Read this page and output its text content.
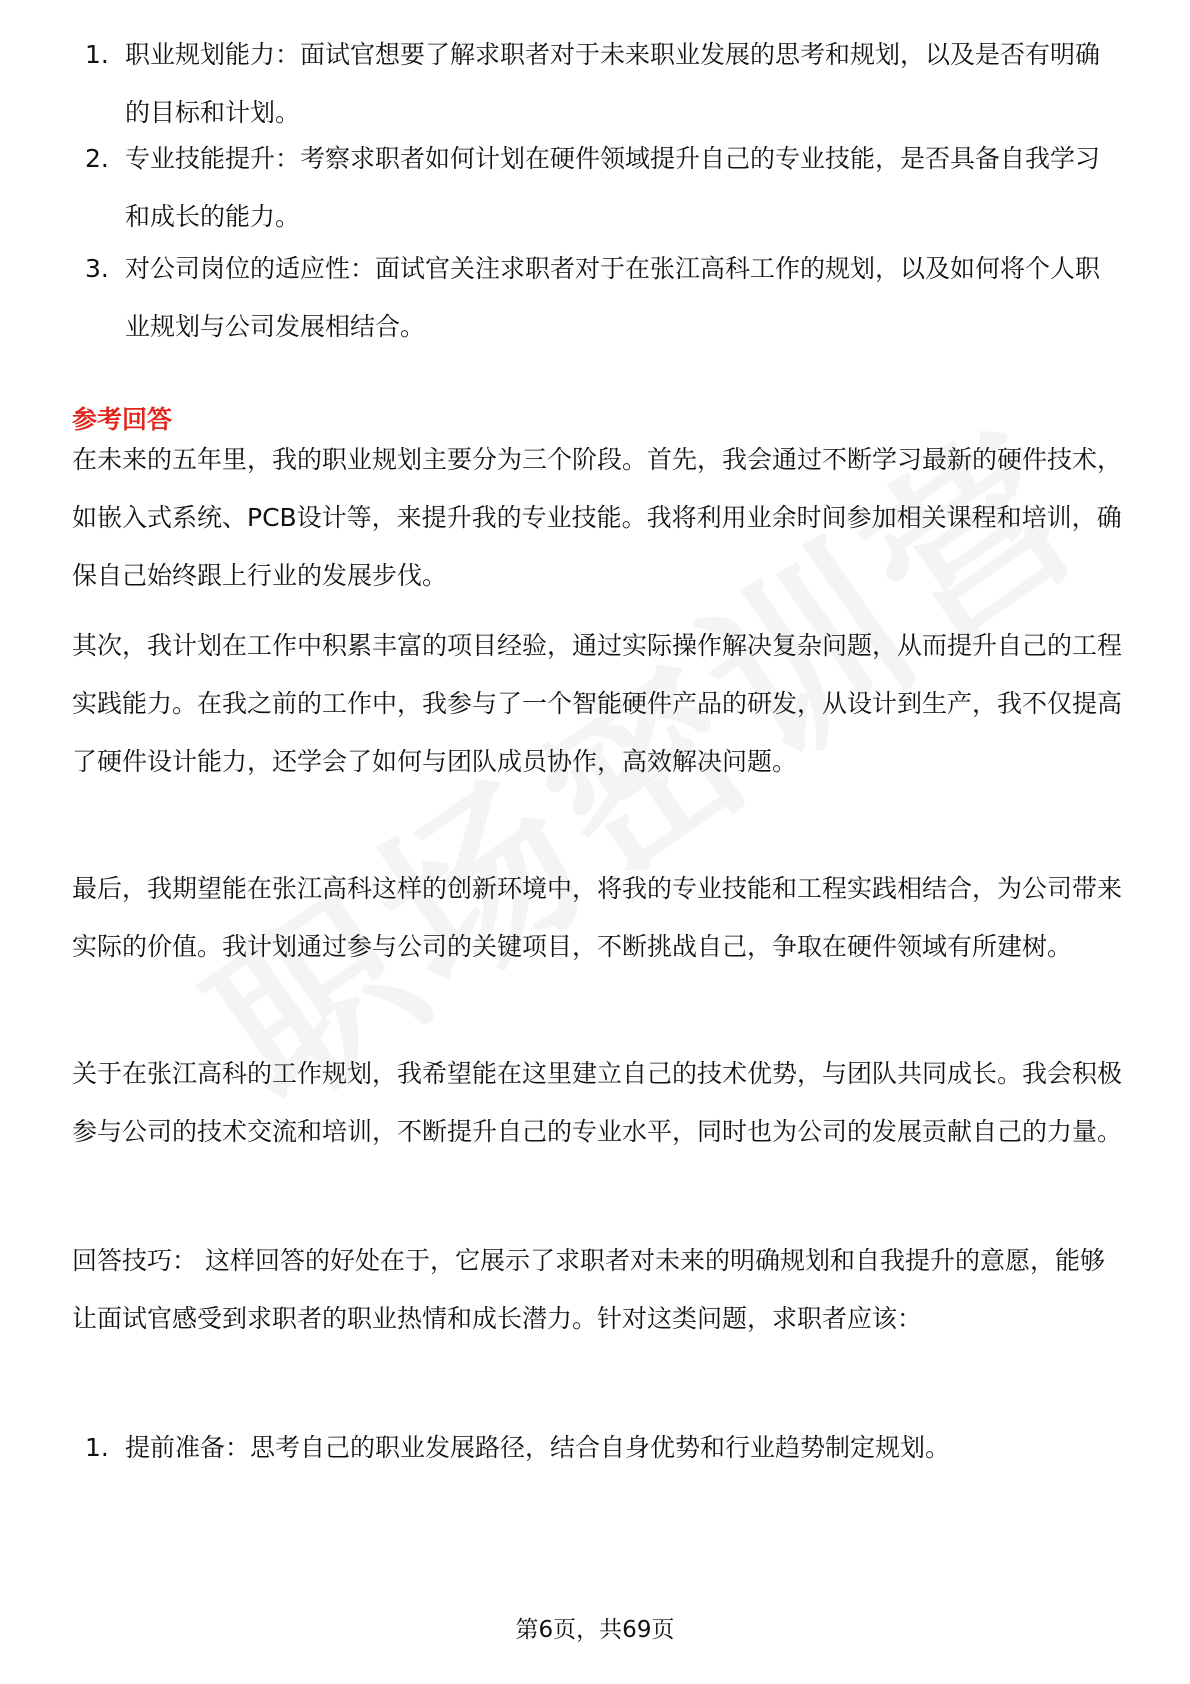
1. 职业规划能力：面试官想要了解求职者对于未来职业发展的思考和规划，以及是否有明确的目标和计划。
2. 专业技能提升：考察求职者如何计划在硬件领域提升自己的专业技能，是否具备自我学习和成长的能力。
3. 对公司岗位的适应性：面试官关注求职者对于在张江高科工作的规划，以及如何将个人职业规划与公司发展相结合。
参考回答

在未来的五年里，我的职业规划主要分为三个阶段。首先，我会通过不断学习最新的硬件技术，如嵌入式系统、PCB设计等，来提升我的专业技能。我将利用业余时间参加相关课程和培训，确保自己始终跟上行业的发展步伐。

其次，我计划在工作中积累丰富的项目经验，通过实际操作解决复杂问题，从而提升自己的工程实践能力。在我之前的工作中，我参与了一个智能硬件产品的研发，从设计到生产，我不仅提高了硬件设计能力，还学会了如何与团队成员协作，高效解决问题。

最后，我期望能在张江高科这样的创新环境中，将我的专业技能和工程实践相结合，为公司带来实际的价值。我计划通过参与公司的关键项目，不断挑战自己，争取在硬件领域有所建树。

关于在张江高科的工作规划，我希望能在这里建立自己的技术优势，与团队共同成长。我会积极参与公司的技术交流和培训，不断提升自己的专业水平，同时也为公司的发展贡献自己的力量。

回答技巧： 这样回答的好处在于，它展示了求职者对未来的明确规划和自我提升的意愿，能够让面试官感受到求职者的职业热情和成长潜力。针对这类问题，求职者应该：

1. 提前准备：思考自己的职业发展路径，结合自身优势和行业趋势制定规划。
第6页，共69页
